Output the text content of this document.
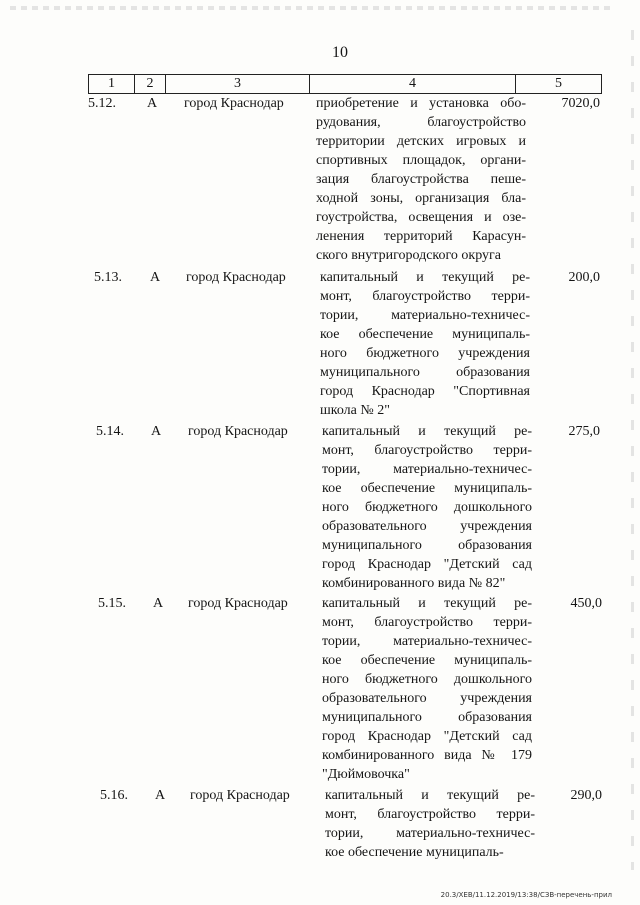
10
1	2	3	4	5
5.12. А город Краснодар приобретение и установка обо-
рудования, благоустройство
территории детских игровых и
спортивных площадок, органи-
зация благоустройства пеше-
ходной зоны, организация бла-
гоустройства, освещения и озе-
ленения территорий Карасун-
ского внутригородского округа
7020,0
5.13. А город Краснодар капитальный и текущий ре-
монт, благоустройство терри-
тории, материально-техничес-
кое обеспечение муниципаль-
ного бюджетного учреждения
муниципального образования
город Краснодар "Спортивная
школа № 2"
200,0
5.14. А город Краснодар капитальный и текущий ре-
монт, благоустройство терри-
тории, материально-техничес-
кое обеспечение муниципаль-
ного бюджетного дошкольного
образовательного учреждения
муниципального образования
город Краснодар "Детский сад
комбинированного вида № 82"
275,0
5.15. А город Краснодар капитальный и текущий ре-
монт, благоустройство терри-
тории, материально-техничес-
кое обеспечение муниципаль-
ного бюджетного дошкольного
образовательного учреждения
муниципального образования
город Краснодар "Детский сад
комбинированного вида № 179
"Дюймовочка"
450,0
5.16. А город Краснодар	капитальный и текущий ре-
монт, благоустройство терри-
тории, материально-техничес-
кое обеспечение муниципаль-
290,0
20.3/ХЕВ/11.12.2019/13:38/СЗВ-перечень-прил
